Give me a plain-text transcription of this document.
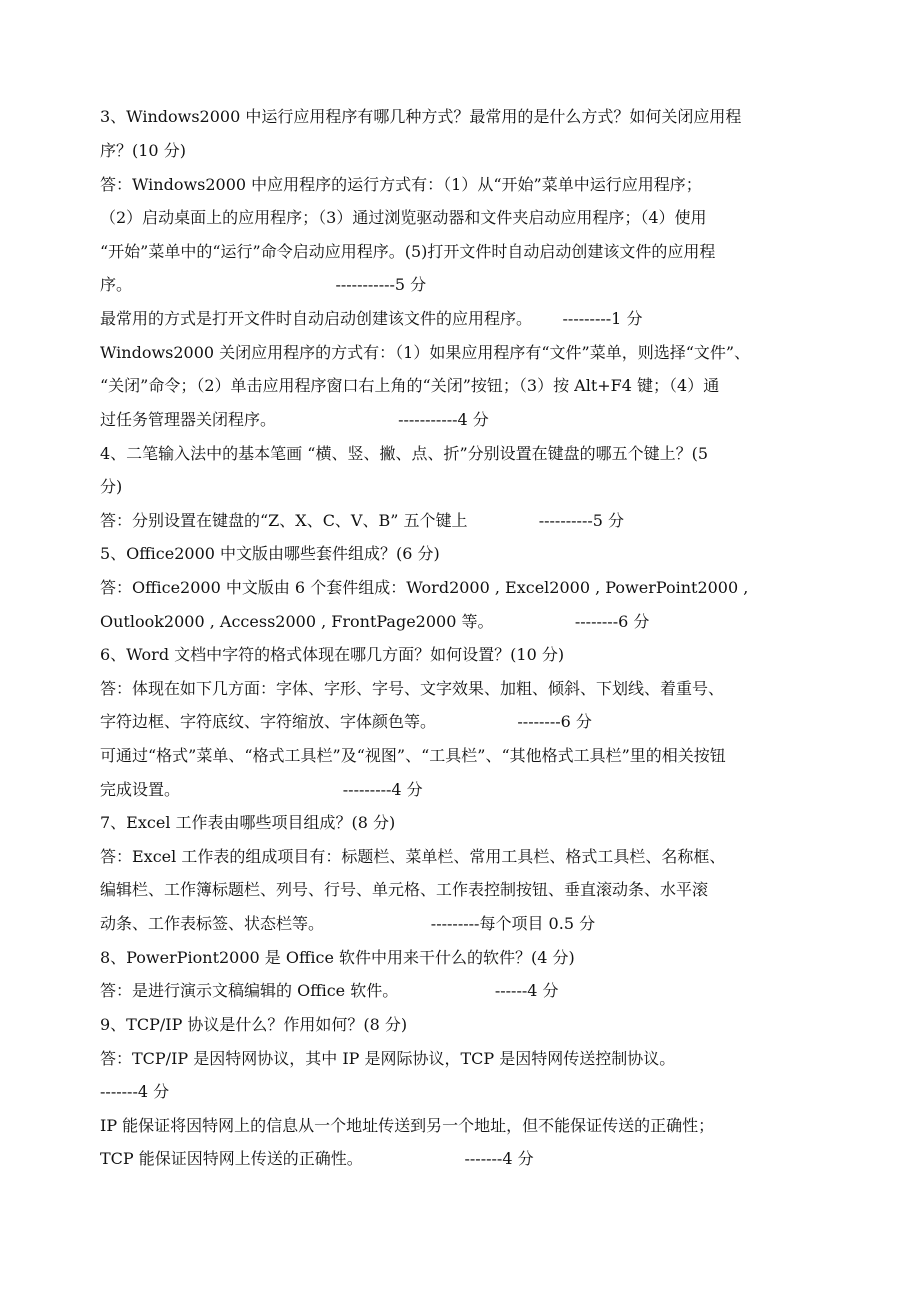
3、Windows2000 中运行应用程序有哪几种方式？最常用的是什么方式？如何关闭应用程
序？(10 分)
答：Windows2000 中应用程序的运行方式有：（1）从“开始”菜单中运行应用程序；
（2）启动桌面上的应用程序；（3）通过浏览驱动器和文件夹启动应用程序；（4）使用
“开始”菜单中的“运行”命令启动应用程序。(5)打开文件时自动启动创建该文件的应用程
序。                                        -----------5 分
最常用的方式是打开文件时自动启动创建该文件的应用程序。      ---------1 分
Windows2000 关闭应用程序的方式有：（1）如果应用程序有“文件”菜单，则选择“文件”、
“关闭”命令；（2）单击应用程序窗口右上角的“关闭”按钮；（3）按 Alt+F4 键；（4）通
过任务管理器关闭程序。                        -----------4 分
4、二笔输入法中的基本笔画 “横、竖、撇、点、折”分别设置在键盘的哪五个键上？(5
分)
答：分别设置在键盘的“Z、X、C、V、B” 五个键上              ----------5 分
5、Office2000 中文版由哪些套件组成？(6 分)
答：Office2000 中文版由 6 个套件组成：Word2000 , Excel2000 , PowerPoint2000 ,
Outlook2000 , Access2000 , FrontPage2000 等。                --------6 分
6、Word 文档中字符的格式体现在哪几方面？如何设置？(10 分)
答：体现在如下几方面：字体、字形、字号、文字效果、加粗、倾斜、下划线、着重号、
字符边框、字符底纹、字符缩放、字体颜色等。                --------6 分
可通过“格式”菜单、“格式工具栏”及“视图”、“工具栏”、“其他格式工具栏”里的相关按钮
完成设置。                                ---------4 分
7、Excel 工作表由哪些项目组成？(8 分)
答：Excel 工作表的组成项目有：标题栏、菜单栏、常用工具栏、格式工具栏、名称框、
编辑栏、工作簿标题栏、列号、行号、单元格、工作表控制按钮、垂直滚动条、水平滚
动条、工作表标签、状态栏等。                     ---------每个项目 0.5 分
8、PowerPiont2000 是 Office 软件中用来干什么的软件？(4 分)
答：是进行演示文稿编辑的 Office 软件。                   ------4 分
9、TCP/IP 协议是什么？作用如何？(8 分)
答：TCP/IP 是因特网协议，其中 IP 是网际协议，TCP 是因特网传送控制协议。
-------4 分
IP 能保证将因特网上的信息从一个地址传送到另一个地址，但不能保证传送的正确性；
TCP 能保证因特网上传送的正确性。                    -------4 分
